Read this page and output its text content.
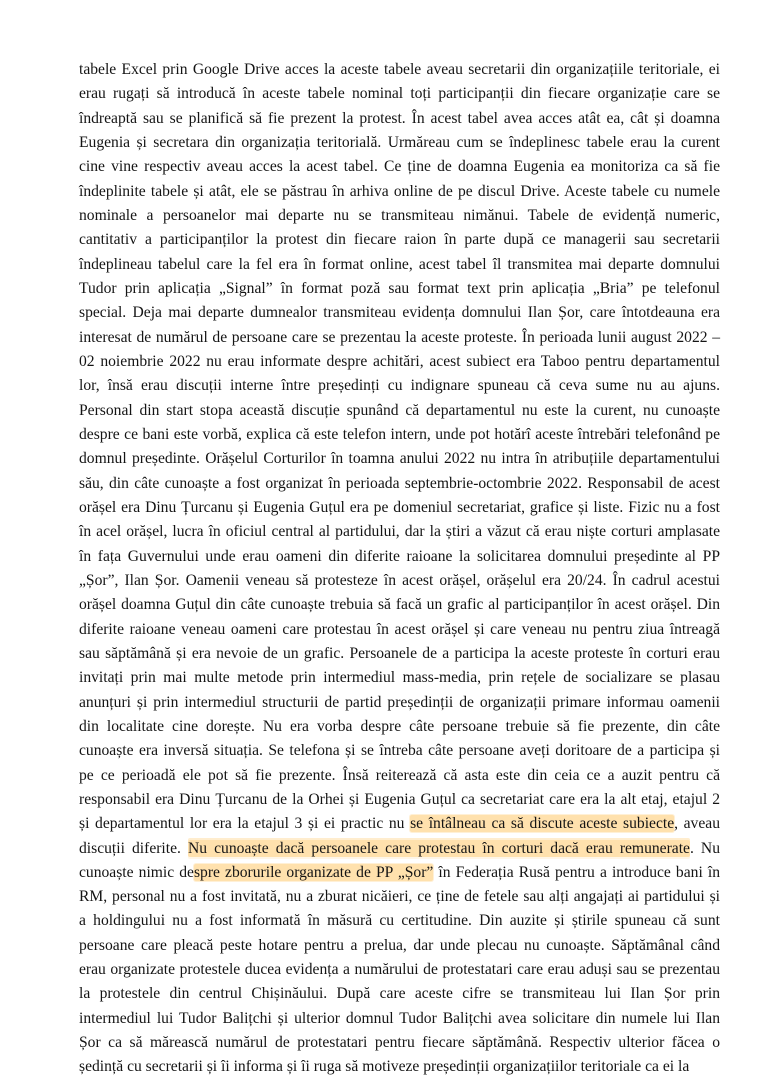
tabele Excel prin Google Drive acces la aceste tabele aveau secretarii din organizațiile teritoriale, ei
erau rugați să introducă în aceste tabele nominal toți participanții din fiecare organizație care se
îndreaptă sau se planifică să fie prezent la protest. În acest tabel avea acces atât ea, cât și doamna
Eugenia și secretara din organizația teritorială. Urmăreau cum se îndeplinesc tabele erau la curent
cine vine respectiv aveau acces la acest tabel. Ce ține de doamna Eugenia ea monitoriza ca să fie
îndeplinite tabele și atât, ele se păstrau în arhiva online de pe discul Drive. Aceste tabele cu numele
nominale a persoanelor mai departe nu se transmiteau nimănui. Tabele de evidență numeric,
cantitativ a participanților la protest din fiecare raion în parte după ce managerii sau secretarii
îndeplineau tabelul care la fel era în format online, acest tabel îl transmitea mai departe domnului
Tudor prin aplicația „Signal” în format poză sau format text prin aplicația „Bria” pe telefonul
special. Deja mai departe dumnealor transmiteau evidența domnului Ilan Șor, care întotdeauna era
interesat de numărul de persoane care se prezentau la aceste proteste. În perioada lunii august 2022 –
02 noiembrie 2022 nu erau informate despre achitări, acest subiect era Taboo pentru departamentul
lor, însă erau discuții interne între președinți cu indignare spuneau că ceva sume nu au ajuns.
Personal din start stopa această discuție spunând că departamentul nu este la curent, nu cunoaște
despre ce bani este vorbă, explica că este telefon intern, unde pot hotărî aceste întrebări telefonând pe
domnul președinte. Orășelul Corturilor în toamna anului 2022 nu intra în atribuțiile departamentului
său, din câte cunoaște a fost organizat în perioada septembrie-octombrie 2022. Responsabil de acest
orășel era Dinu Țurcanu și Eugenia Guțul era pe domeniul secretariat, grafice și liste. Fizic nu a fost
în acel orășel, lucra în oficiul central al partidului, dar la știri a văzut că erau niște corturi amplasate
în fața Guvernului unde erau oameni din diferite raioane la solicitarea domnului președinte al PP
„Șor”, Ilan Șor. Oamenii veneau să protesteze în acest orășel, orășelul era 20/24. În cadrul acestui
orășel doamna Guțul din câte cunoaște trebuia să facă un grafic al participanților în acest orășel. Din
diferite raioane veneau oameni care protestau în acest orășel și care veneau nu pentru ziua întreagă
sau săptămână și era nevoie de un grafic. Persoanele de a participa la aceste proteste în corturi erau
invitați prin mai multe metode prin intermediul mass-media, prin rețele de socializare se plasau
anunțuri și prin intermediul structurii de partid președinții de organizații primare informau oamenii
din localitate cine dorește. Nu era vorba despre câte persoane trebuie să fie prezente, din câte
cunoaște era inversă situația. Se telefona și se întreba câte persoane aveți doritoare de a participa și
pe ce perioadă ele pot să fie prezente. Însă reiterează că asta este din ceia ce a auzit pentru că
responsabil era Dinu Țurcanu de la Orhei și Eugenia Guțul ca secretariat care era la alt etaj, etajul 2
și departamentul lor era la etajul 3 și ei practic nu se întâlneau ca să discute aceste subiecte, aveau
discuții diferite. Nu cunoaște dacă persoanele care protestau în corturi dacă erau remunerate. Nu
cunoaște nimic despre zborurile organizate de PP „Șor” în Federația Rusă pentru a introduce bani în
RM, personal nu a fost invitată, nu a zburat nicăieri, ce ține de fetele sau alți angajați ai partidului și
a holdingului nu a fost informată în măsură cu certitudine. Din auzite și știrile spuneau că sunt
persoane care pleacă peste hotare pentru a prelua, dar unde plecau nu cunoaște. Săptămânal când
erau organizate protestele ducea evidența a numărului de protestatari care erau aduși sau se prezentau
la protestele din centrul Chișinăului. După care aceste cifre se transmiteau lui Ilan Șor prin
intermediul lui Tudor Balițchi și ulterior domnul Tudor Balițchi avea solicitare din numele lui Ilan
Șor ca să mărească numărul de protestatari pentru fiecare săptămână. Respectiv ulterior făcea o
ședință cu secretarii și îi informa și îi ruga să motiveze președinții organizațiilor teritoriale ca ei la
